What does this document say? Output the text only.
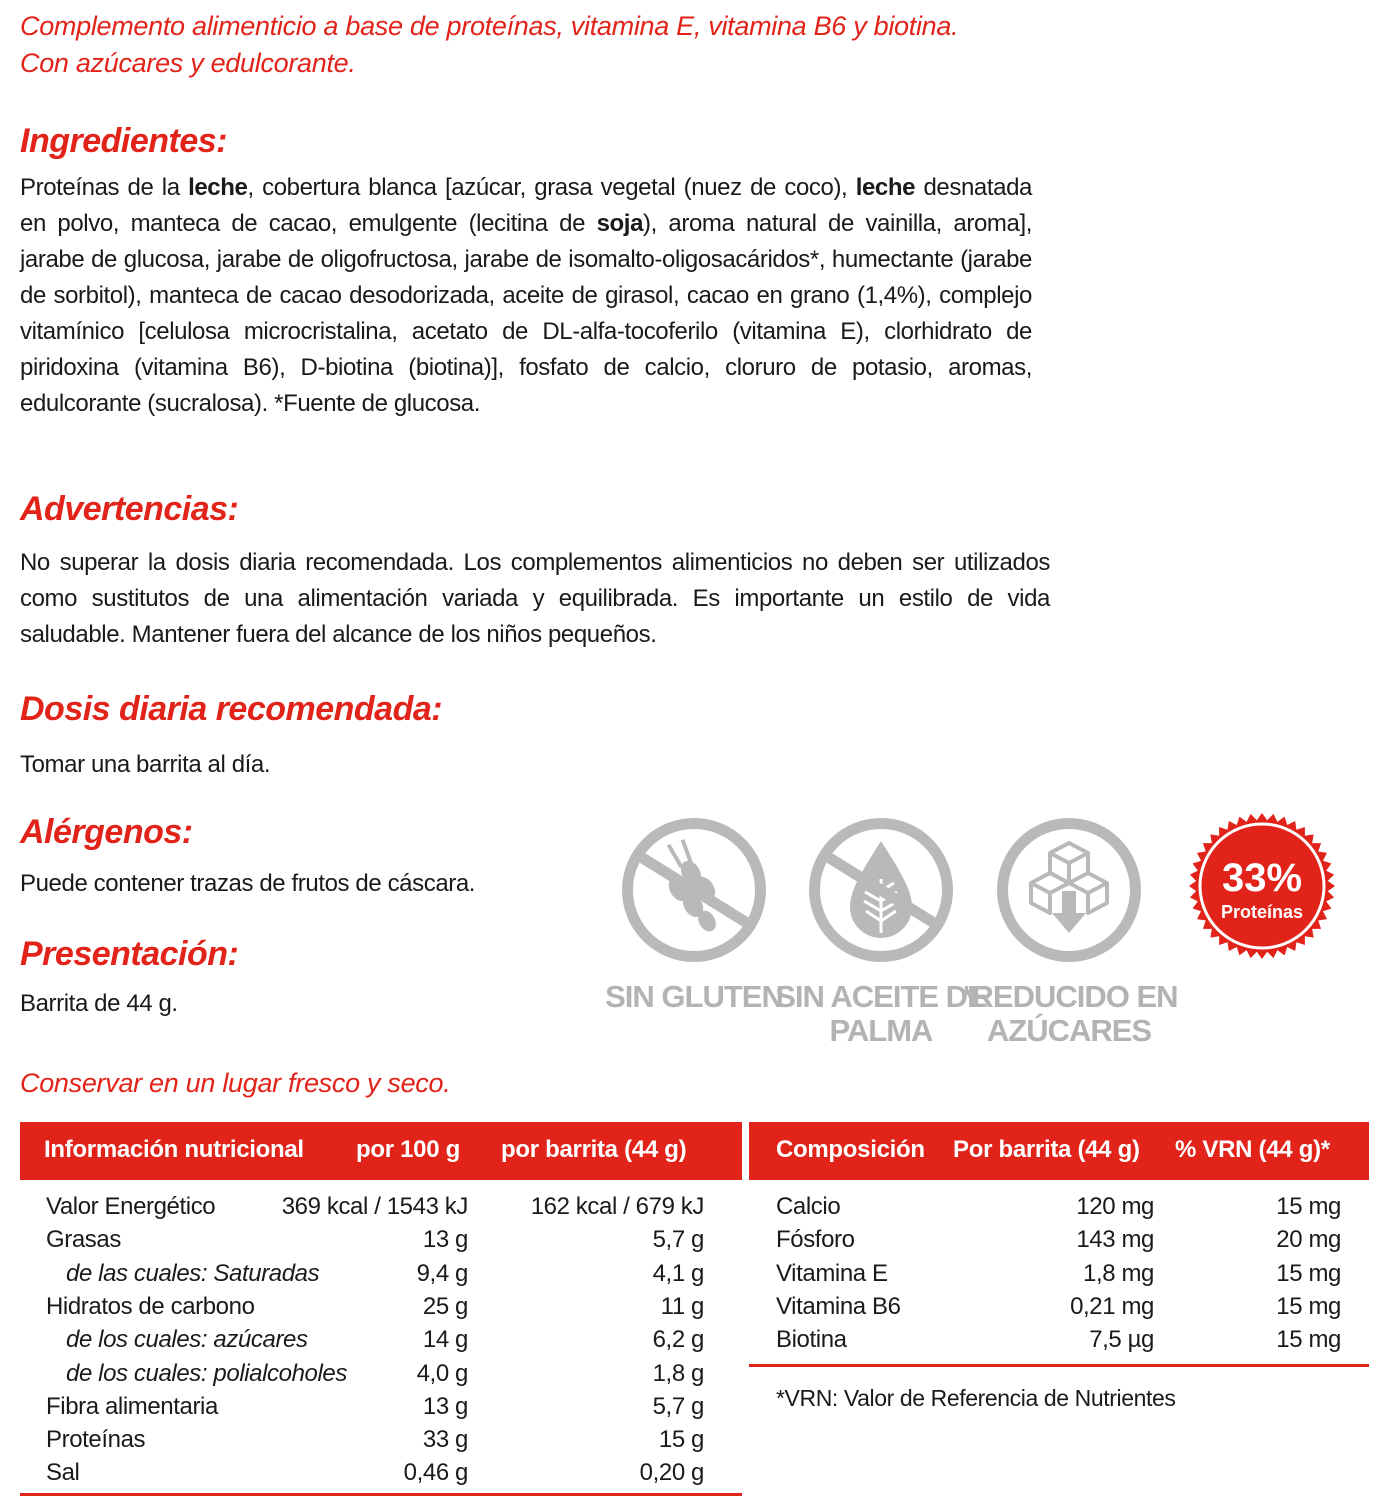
Complemento alimenticio a base de proteínas, vitamina E, vitamina B6 y biotina.
Con azúcares y edulcorante.
Ingredientes:
Proteínas de la leche, cobertura blanca [azúcar, grasa vegetal (nuez de coco), leche desnatada en polvo, manteca de cacao, emulgente (lecitina de soja), aroma natural de vainilla, aroma], jarabe de glucosa, jarabe de oligofructosa, jarabe de isomalto-oligosacáridos*, humectante (jarabe de sorbitol), manteca de cacao desodorizada, aceite de girasol, cacao en grano (1,4%), complejo vitamínico [celulosa microcristalina, acetato de DL-alfa-tocoferilo (vitamina E), clorhidrato de piridoxina (vitamina B6), D-biotina (biotina)], fosfato de calcio, cloruro de potasio, aromas, edulcorante (sucralosa). *Fuente de glucosa.
Advertencias:
No superar la dosis diaria recomendada. Los complementos alimenticios no deben ser utilizados como sustitutos de una alimentación variada y equilibrada. Es importante un estilo de vida saludable. Mantener fuera del alcance de los niños pequeños.
Dosis diaria recomendada:
Tomar una barrita al día.
Alérgenos:
Puede contener trazas de frutos de cáscara.
Presentación:
Barrita de 44 g.	SIN GLUTEN
SIN ACEITE DE
PALMA
*REDUCIDO EN
AZÚCARES
33%
Proteínas
Conservar en un lugar fresco y seco.
Información nutricional por 100 g por barrita (44 g)
Valor Energético	369 kcal / 1543 kJ	162 kcal / 679 kJ
Grasas	13 g	5,7 g
de las cuales: Saturadas	9,4 g	4,1 g
Hidratos de carbono	25 g	11 g
de los cuales: azúcares	14 g	6,2 g
de los cuales: polialcoholes	4,0 g	1,8 g
Fibra alimentaria	13 g	5,7 g
Proteínas	33 g	15 g
Sal	0,46 g	0,20 g
Composición Por barrita (44 g) % VRN (44 g)*
Calcio	120 mg	15 mg
Fósforo	143 mg	20 mg
Vitamina E	1,8 mg	15 mg
Vitamina B6	0,21 mg	15 mg
Biotina	7,5 µg	15 mg
*VRN: Valor de Referencia de Nutrientes
